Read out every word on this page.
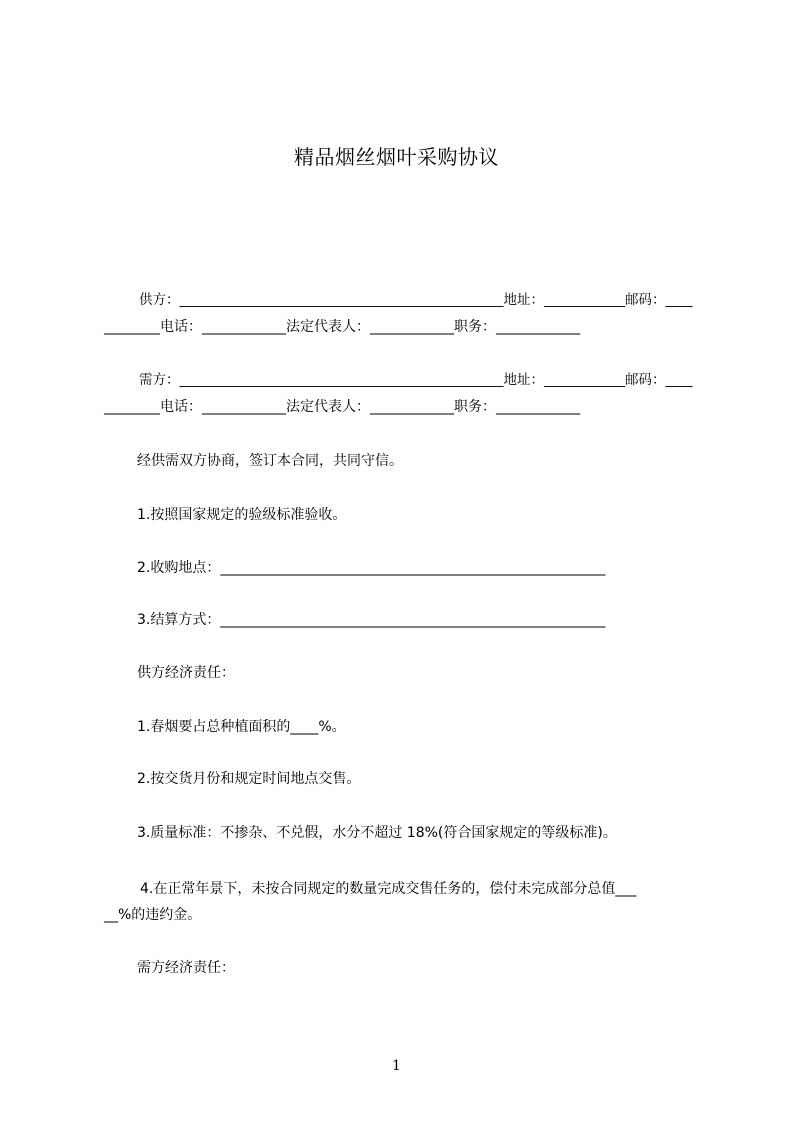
精品烟丝烟叶采购协议
供方：________________________________________________地址：____________邮码：____
________电话：____________法定代表人：____________职务：____________
需方：________________________________________________地址：____________邮码：____
________电话：____________法定代表人：____________职务：____________
经供需双方协商，签订本合同，共同守信。
1.按照国家规定的验级标准验收。
2.收购地点：_______________________________________________________
3.结算方式：_______________________________________________________
供方经济责任：
1.春烟要占总种植面积的____%。
2.按交货月份和规定时间地点交售。
3.质量标准：不掺杂、不兑假，水分不超过 18%(符合国家规定的等级标准)。
4.在正常年景下，未按合同规定的数量完成交售任务的，偿付未完成部分总值___
__%的违约金。
需方经济责任：
1
